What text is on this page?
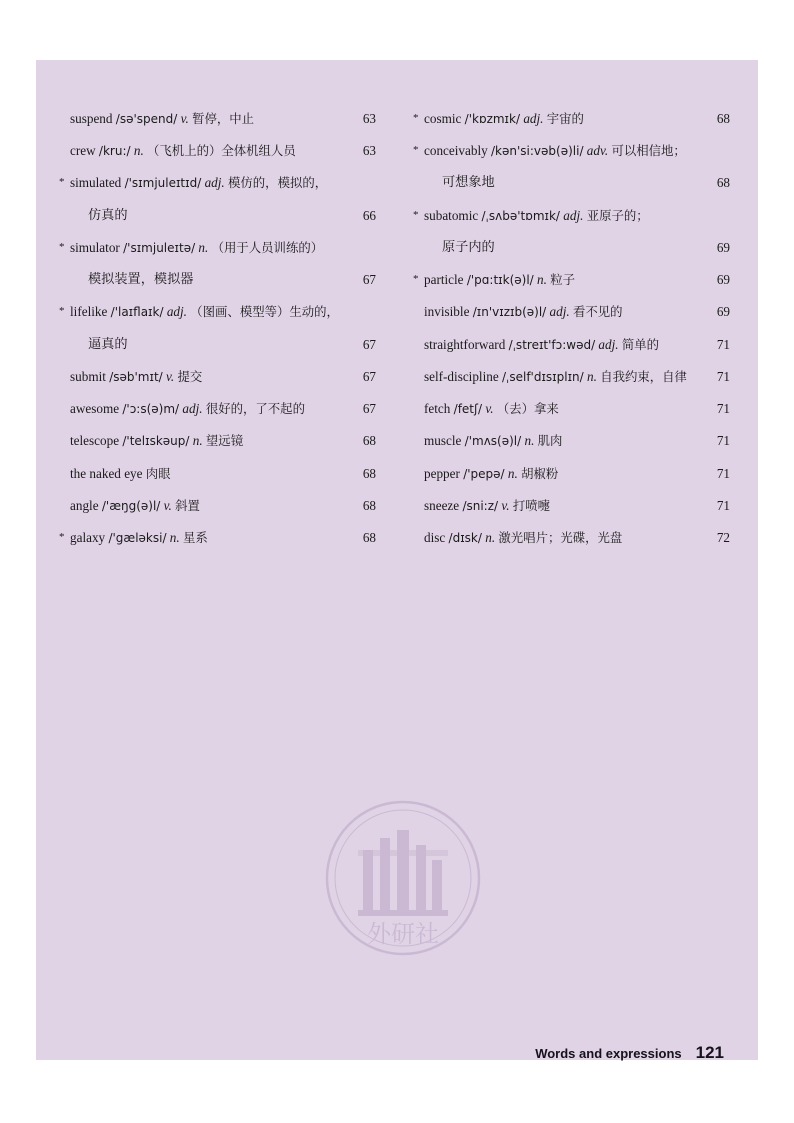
外研社
suspend /sə'spend/ v. 暂停，中止	63
crew /kru:/ n. （飞机上的）全体机组人员	63
* simulated /'sɪmjuleɪtɪd/ adj. 模仿的，模拟的，
仿真的	66
* simulator /'sɪmjuleɪtə/ n. （用于人员训练的）
模拟装置，模拟器	67
* lifelike /'laɪflaɪk/ adj. （图画、模型等）生动的，
逼真的	67
submit /səb'mɪt/ v. 提交	67
awesome /'ɔ:s(ə)m/ adj. 很好的，了不起的	67
telescope /'telɪskəup/ n. 望远镜	68
the naked eye 肉眼	68
angle /'æŋg(ə)l/ v. 斜置	68
* galaxy /'gæləksi/ n. 星系	68
* cosmic /'kɒzmɪk/ adj. 宇宙的	68
* conceivably /kən'si:vəb(ə)li/ adv. 可以相信地；
可想象地	68
* subatomic /ˌsʌbə'tɒmɪk/ adj. 亚原子的；
原子内的	69
* particle /'pɑ:tɪk(ə)l/ n. 粒子	69
invisible /ɪn'vɪzɪb(ə)l/ adj. 看不见的	69
straightforward /ˌstreɪt'fɔ:wəd/ adj. 简单的	71
self-discipline /ˌself'dɪsɪplɪn/ n. 自我约束，自律	71
fetch /fetʃ/ v. （去）拿来	71
muscle /'mʌs(ə)l/ n. 肌肉	71
pepper /'pepə/ n. 胡椒粉	71
sneeze /sni:z/ v. 打喷嚏	71
disc /dɪsk/ n. 激光唱片；光碟，光盘	72
Words and expressions 121
